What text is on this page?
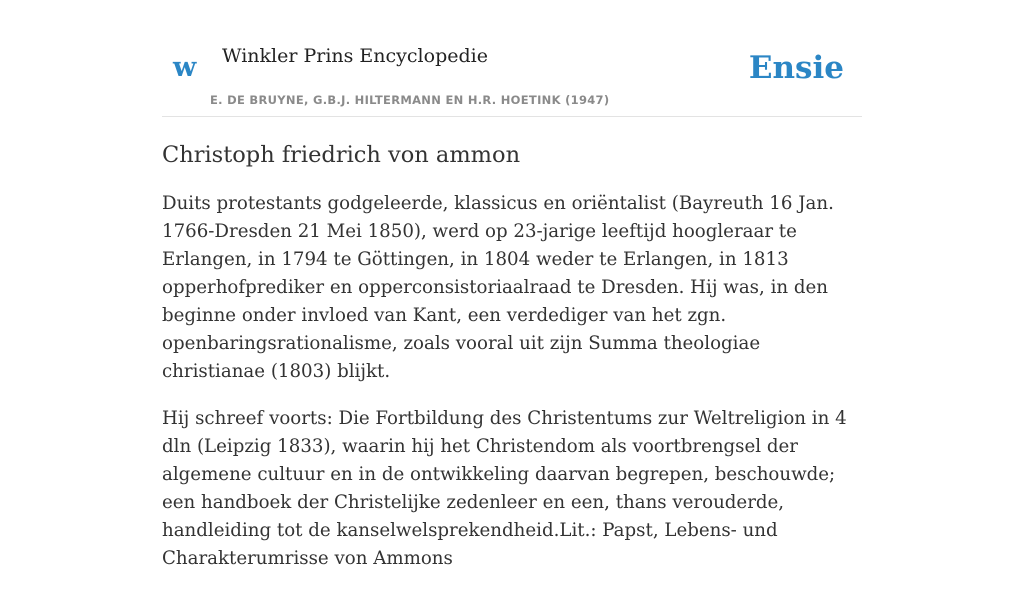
w Winkler Prins Encyclopedie
E. DE BRUYNE, G.B.J. HILTERMANN EN H.R. HOETINK (1947)
Ensie
Christoph friedrich von ammon

Duits protestants godgeleerde, klassicus en oriëntalist (Bayreuth 16 Jan. 1766-Dresden 21 Mei 1850), werd op 23-jarige leeftijd hoogleraar te Erlangen, in 1794 te Göttingen, in 1804 weder te Erlangen, in 1813 opperhofprediker en opperconsistoriaalraad te Dresden. Hij was, in den beginne onder invloed van Kant, een verdediger van het zgn. openbaringsrationalisme, zoals vooral uit zijn Summa theologiae christianae (1803) blijkt.

Hij schreef voorts: Die Fortbildung des Christentums zur Weltreligion in 4 dln (Leipzig 1833), waarin hij het Christendom als voortbrengsel der algemene cultuur en in de ontwikkeling daarvan begrepen, beschouwde; een handboek der Christelijke zedenleer en een, thans verouderde, handleiding tot de kanselwelsprekendheid.Lit.: Papst, Lebens- und Charakterumrisse von Ammons
